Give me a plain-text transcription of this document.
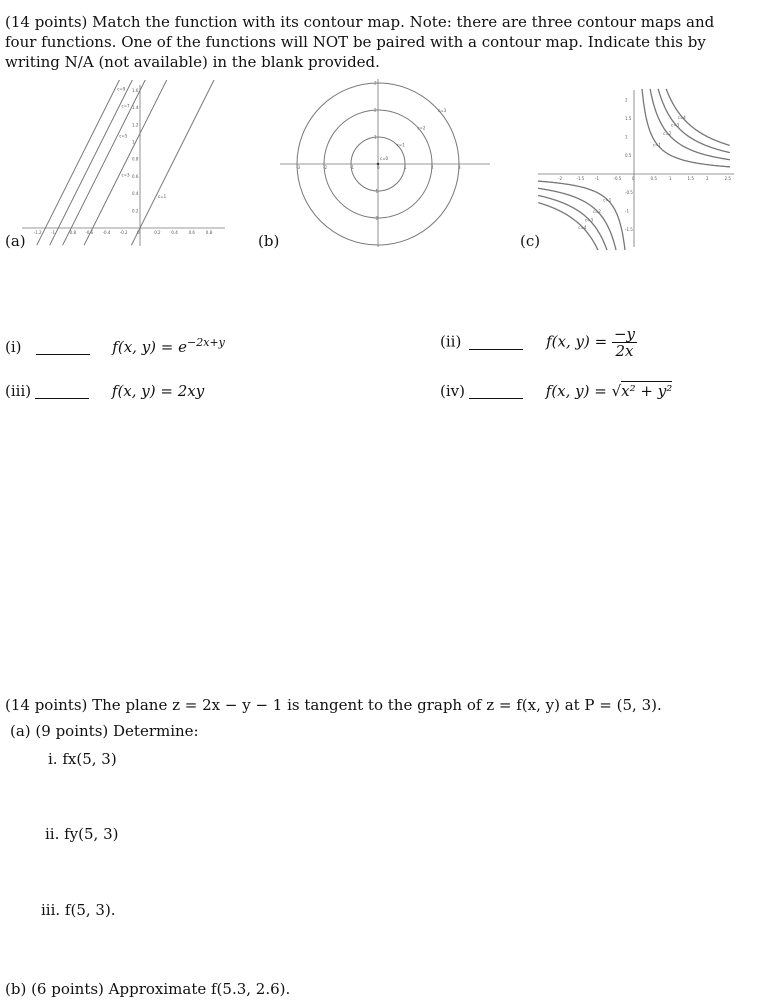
(14 points) Match the function with its contour map. Note: there are three contour maps and four functions. One of the functions will NOT be paired with a contour map. Indicate this by writing N/A (not available) in the blank provided.
-1.2 -1	-0.8 -0.6 -0.4 -0.2 0	0.2	0.4	0.6	0.8
0.2
0.4
0.6
0.8
1
1.2
1.4
1.6
c=1
c=3
c=5
c=7
c=9
-3	-2	-1	0	1	2	3
-2
-1
1
2
3
c=0
c=1
c=2
c=3
-2	-1.5	-1	-0.5	0	0.5	1	1.5	2	2.5
2
1.5
1
0.5
-0.5
-1
-1.5
c=1
c=1
c=2
c=2
c=3
c=3
c=4
c=4
(a)	(b)	(c)
(i)	f(x, $y) = e^{-2x+y}$	(ii)	f(x, $y) = \frac{-y}{2x}$
(iii)	f(x, y) = 2xy	(iv)	f(x, y) = √x² + y²
(14 points) The plane z = 2x − y − 1 is tangent to the graph of z = f(x, y) at P = (5, 3).
(a) (9 points) Determine:
i. fx(5, 3)
ii. fy(5, 3)
iii. f(5, 3).
(b) (6 points) Approximate f(5.3, 2.6).
